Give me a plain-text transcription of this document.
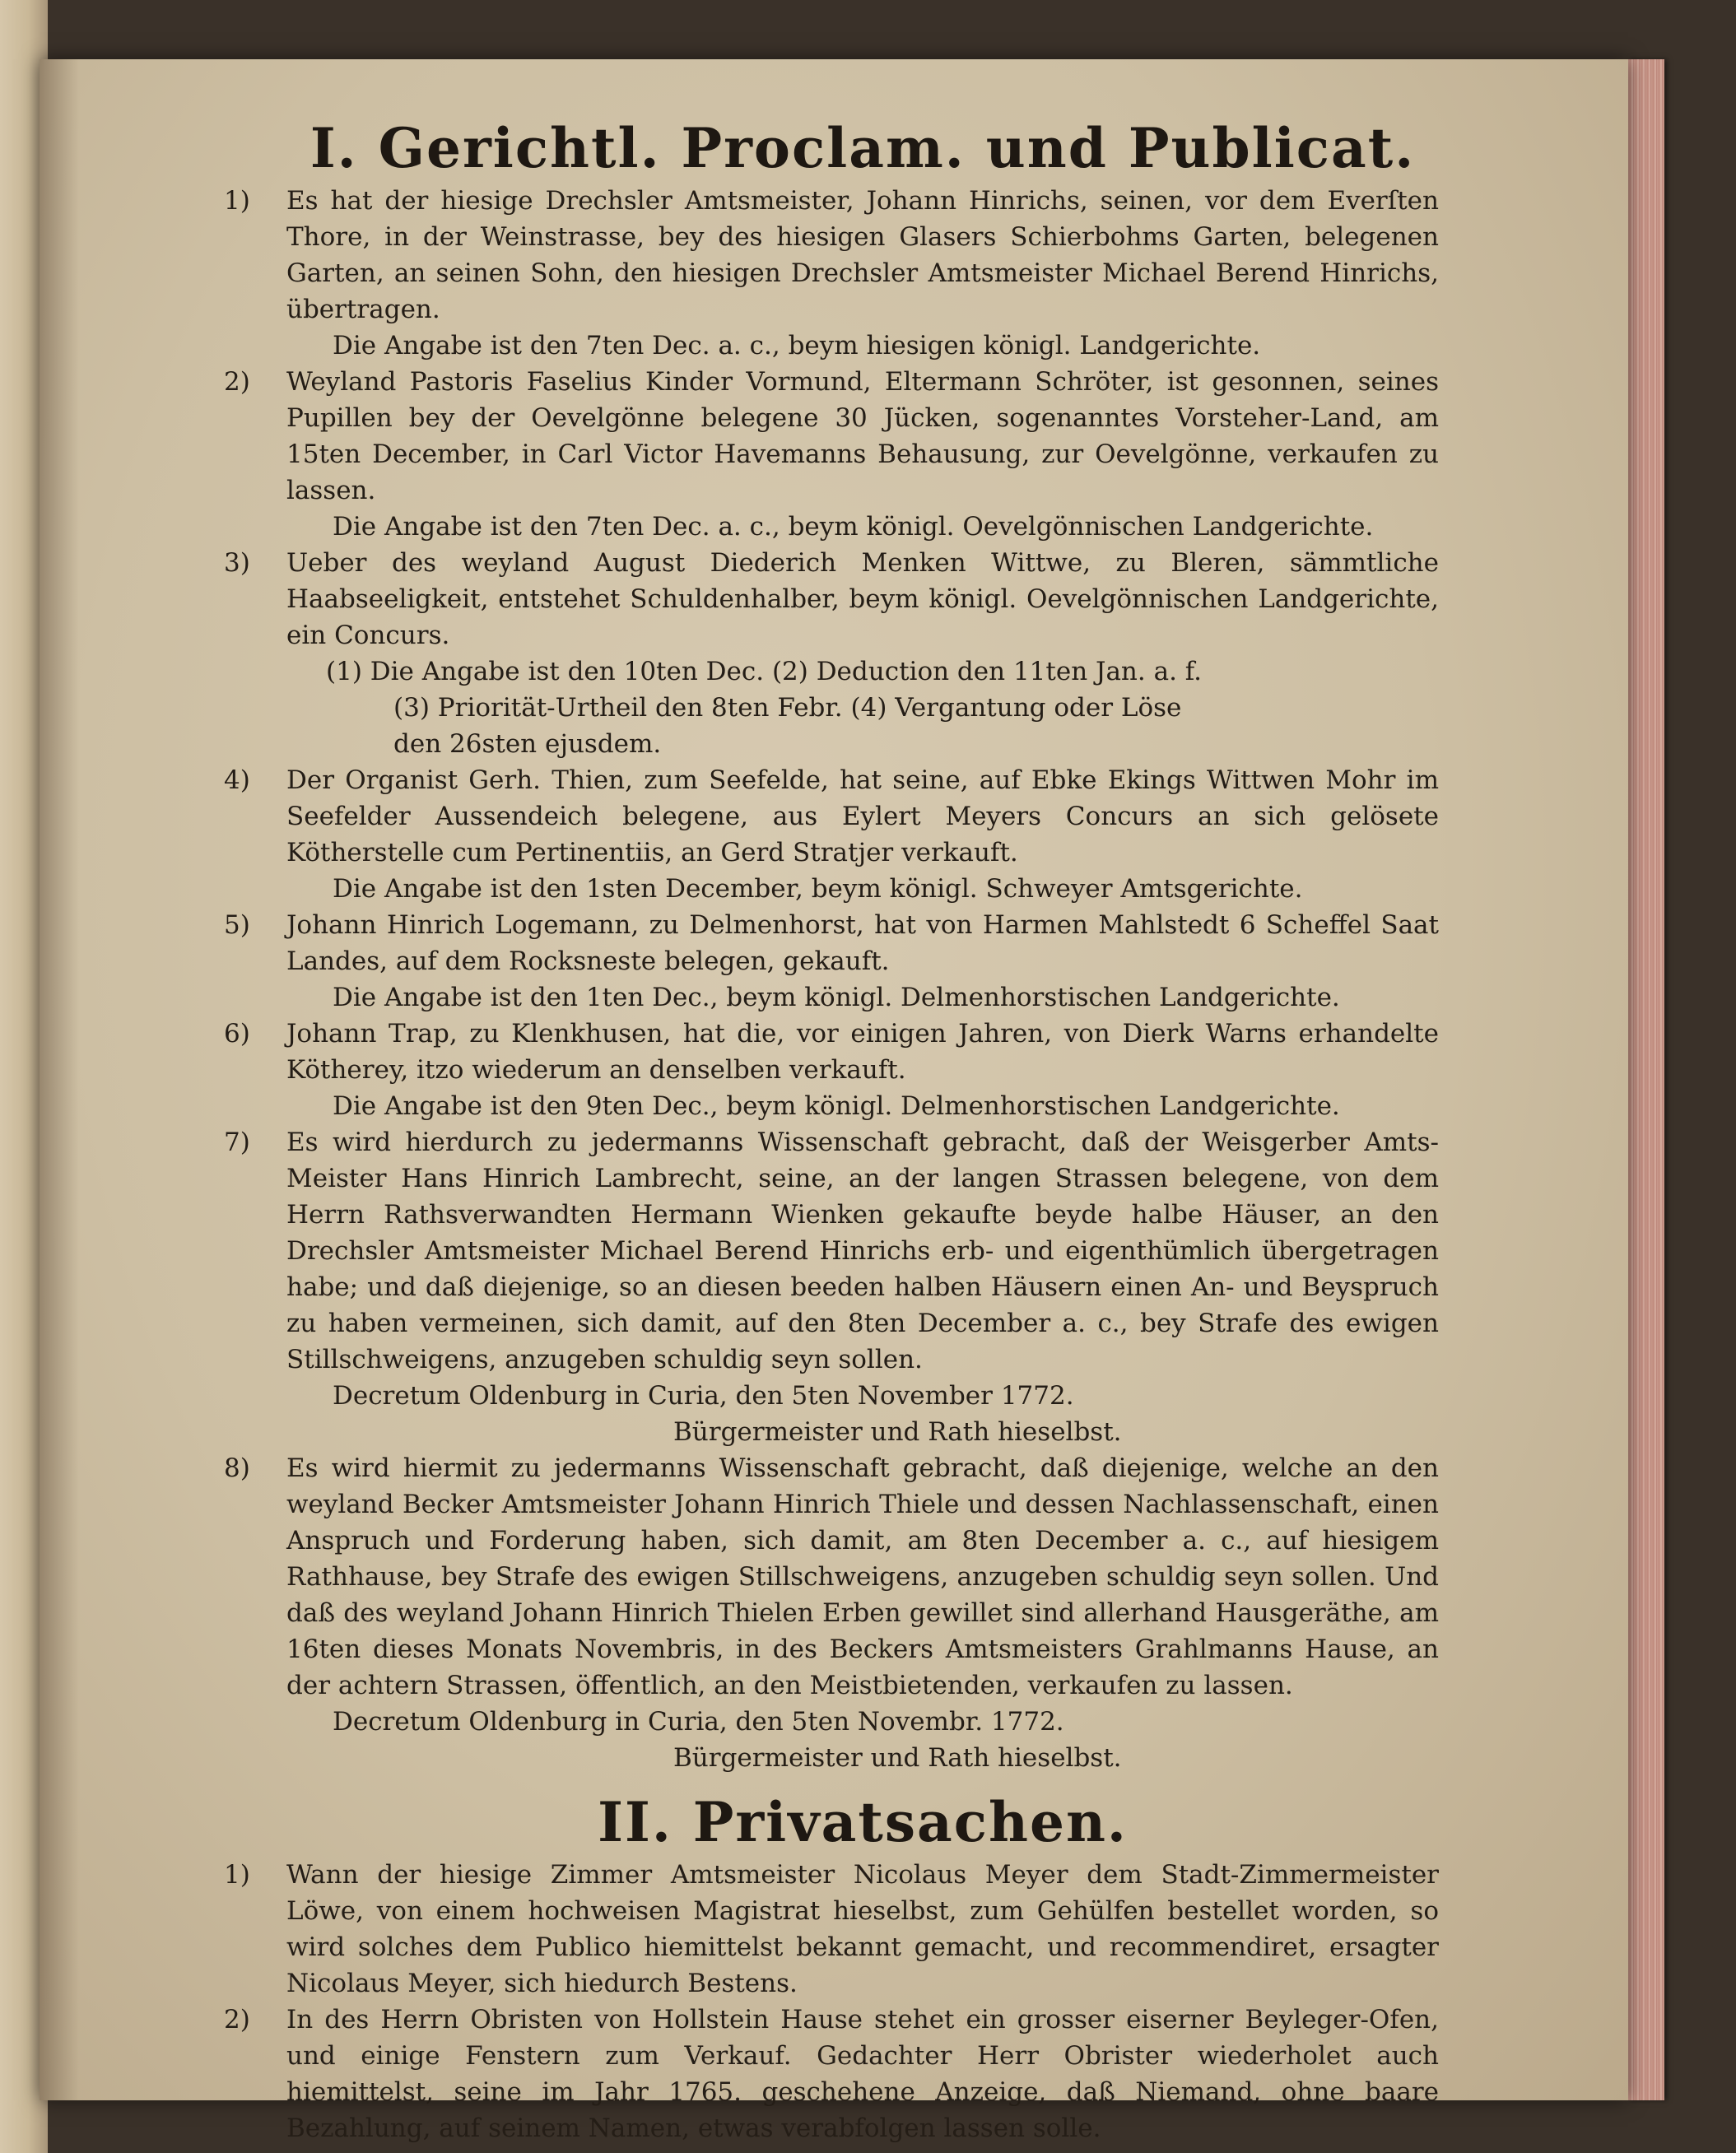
I. Gerichtl. Proclam. und Publicat.
1)	Es hat der hiesige Drechsler Amtsmeister, Johann Hinrichs, seinen, vor dem Everſten Thore, in der Weinstrasse, bey des hiesigen Glasers Schierbohms Garten, belegenen Garten, an seinen Sohn, den hiesigen Drechsler Amtsmeister Michael Berend Hinrichs, übertragen.

Die Angabe ist den 7ten Dec. a. c., beym hiesigen königl. Landgerichte.

2)	Weyland Pastoris Faselius Kinder Vormund, Eltermann Schröter, ist gesonnen, seines Pupillen bey der Oevelgönne belegene 30 Jücken, sogenanntes Vorsteher-Land, am 15ten December, in Carl Victor Havemanns Behausung, zur Oevelgönne, verkaufen zu lassen.

Die Angabe ist den 7ten Dec. a. c., beym königl. Oevelgönnischen Landgerichte.

3)	Ueber des weyland August Diederich Menken Wittwe, zu Bleren, sämmtliche Haabseeligkeit, entstehet Schuldenhalber, beym königl. Oevelgönnischen Landgerichte, ein Concurs.

(1) Die Angabe ist den 10ten Dec. (2) Deduction den 11ten Jan. a. f.

(3) Priorität-Urtheil den 8ten Febr. (4) Vergantung oder Löse

den 26sten ejusdem.

4)	Der Organist Gerh. Thien, zum Seefelde, hat seine, auf Ebke Ekings Wittwen Mohr im Seefelder Aussendeich belegene, aus Eylert Meyers Concurs an sich gelösete Kötherstelle cum Pertinentiis, an Gerd Stratjer verkauft.

Die Angabe ist den 1sten December, beym königl. Schweyer Amtsgerichte.

5)	Johann Hinrich Logemann, zu Delmenhorst, hat von Harmen Mahlstedt 6 Scheffel Saat Landes, auf dem Rocksneste belegen, gekauft.

Die Angabe ist den 1ten Dec., beym königl. Delmenhorstischen Landgerichte.

6)	Johann Trap, zu Klenkhusen, hat die, vor einigen Jahren, von Dierk Warns erhandelte Kötherey, itzo wiederum an denselben verkauft.

Die Angabe ist den 9ten Dec., beym königl. Delmenhorstischen Landgerichte.

7)	Es wird hierdurch zu jedermanns Wissenschaft gebracht, daß der Weisgerber Amts-Meister Hans Hinrich Lambrecht, seine, an der langen Strassen belegene, von dem Herrn Rathsverwandten Hermann Wienken gekaufte beyde halbe Häuser, an den Drechsler Amtsmeister Michael Berend Hinrichs erb- und eigenthümlich übergetragen habe; und daß diejenige, so an diesen beeden halben Häusern einen An- und Beyspruch zu haben vermeinen, sich damit, auf den 8ten December a. c., bey Strafe des ewigen Stillschweigens, anzugeben schuldig seyn sollen.

Decretum Oldenburg in Curia, den 5ten November 1772.

Bürgermeister und Rath hieselbst.

8)	Es wird hiermit zu jedermanns Wissenschaft gebracht, daß diejenige, welche an den weyland Becker Amtsmeister Johann Hinrich Thiele und dessen Nachlassenschaft, einen Anspruch und Forderung haben, sich damit, am 8ten December a. c., auf hiesigem Rathhause, bey Strafe des ewigen Stillschweigens, anzugeben schuldig seyn sollen. Und daß des weyland Johann Hinrich Thielen Erben gewillet sind allerhand Hausgeräthe, am 16ten dieses Monats Novembris, in des Beckers Amtsmeisters Grahlmanns Hause, an der achtern Strassen, öffentlich, an den Meistbietenden, verkaufen zu lassen.

Decretum Oldenburg in Curia, den 5ten Novembr. 1772.

Bürgermeister und Rath hieselbst.

II. Privatsachen.
1)	Wann der hiesige Zimmer Amtsmeister Nicolaus Meyer dem Stadt-Zimmermeister Löwe, von einem hochweisen Magistrat hieselbst, zum Gehülfen bestellet worden, so wird solches dem Publico hiemittelst bekannt gemacht, und recommendiret, ersagter Nicolaus Meyer, sich hiedurch Bestens.

2)	In des Herrn Obristen von Hollstein Hause stehet ein grosser eiserner Beyleger-Ofen, und einige Fenstern zum Verkauf. Gedachter Herr Obrister wiederholet auch hiemittelst, seine im Jahr 1765. geschehene Anzeige, daß Niemand, ohne baare Bezahlung, auf seinem Namen, etwas verabfolgen lassen solle.
